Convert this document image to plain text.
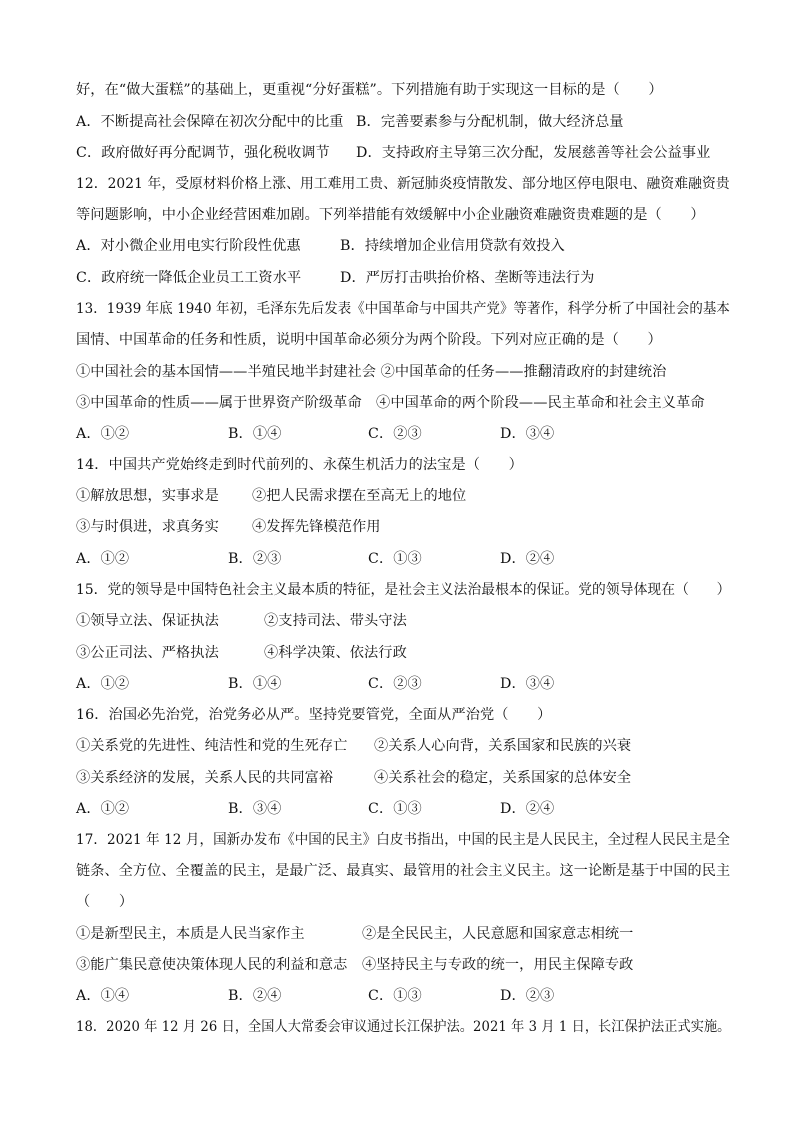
好，在“做大蛋糕”的基础上，更重视“分好蛋糕”。下列措施有助于实现这一目标的是（　　）
A．不断提高社会保障在初次分配中的比重 B．完善要素参与分配机制，做大经济总量
C．政府做好再分配调节，强化税收调节 D．支持政府主导第三次分配，发展慈善等社会公益事业
12．2021 年，受原材料价格上涨、用工难用工贵、新冠肺炎疫情散发、部分地区停电限电、融资难融资贵
等问题影响，中小企业经营困难加剧。下列举措能有效缓解中小企业融资难融资贵难题的是（　　）
A．对小微企业用电实行阶段性优惠	B．持续增加企业信用贷款有效投入
C．政府统一降低企业员工工资水平	D．严厉打击哄抬价格、垄断等违法行为
13．1939 年底 1940 年初，毛泽东先后发表《中国革命与中国共产党》等著作，科学分析了中国社会的基本
国情、中国革命的任务和性质，说明中国革命必须分为两个阶段。下列对应正确的是（　　）
①中国社会的基本国情——半殖民地半封建社会 ②中国革命的任务——推翻清政府的封建统治
③中国革命的性质——属于世界资产阶级革命　④中国革命的两个阶段——民主革命和社会主义革命
A．①②	B．①④	C．②③	D．③④
14．中国共产党始终走到时代前列的、永葆生机活力的法宝是（　　）
①解放思想，实事求是 ②把人民需求摆在至高无上的地位
③与时俱进，求真务实 ④发挥先锋模范作用
A．①②	B．②③	C．①③	D．②④
15．党的领导是中国特色社会主义最本质的特征，是社会主义法治最根本的保证。党的领导体现在（　　）
①领导立法、保证执法	②支持司法、带头守法
③公正司法、严格执法	④科学决策、依法行政
A．①②	B．①④	C．②③	D．③④
16．治国必先治党，治党务必从严。坚持党要管党，全面从严治党（　　）
①关系党的先进性、纯洁性和党的生死存亡 ②关系人心向背，关系国家和民族的兴衰
③关系经济的发展，关系人民的共同富裕	④关系社会的稳定，关系国家的总体安全
A．①②	B．③④	C．①③	D．②④
17．2021 年 12 月，国新办发布《中国的民主》白皮书指出，中国的民主是人民民主，全过程人民民主是全
链条、全方位、全覆盖的民主，是最广泛、最真实、最管用的社会主义民主。这一论断是基于中国的民主
（　　）
①是新型民主，本质是人民当家作主	②是全民民主，人民意愿和国家意志相统一
③能广集民意使决策体现人民的利益和意志 ④坚持民主与专政的统一，用民主保障专政
A．①④	B．②④	C．①③	D．②③
18．2020 年 12 月 26 日，全国人大常委会审议通过长江保护法。2021 年 3 月 1 日，长江保护法正式实施。
